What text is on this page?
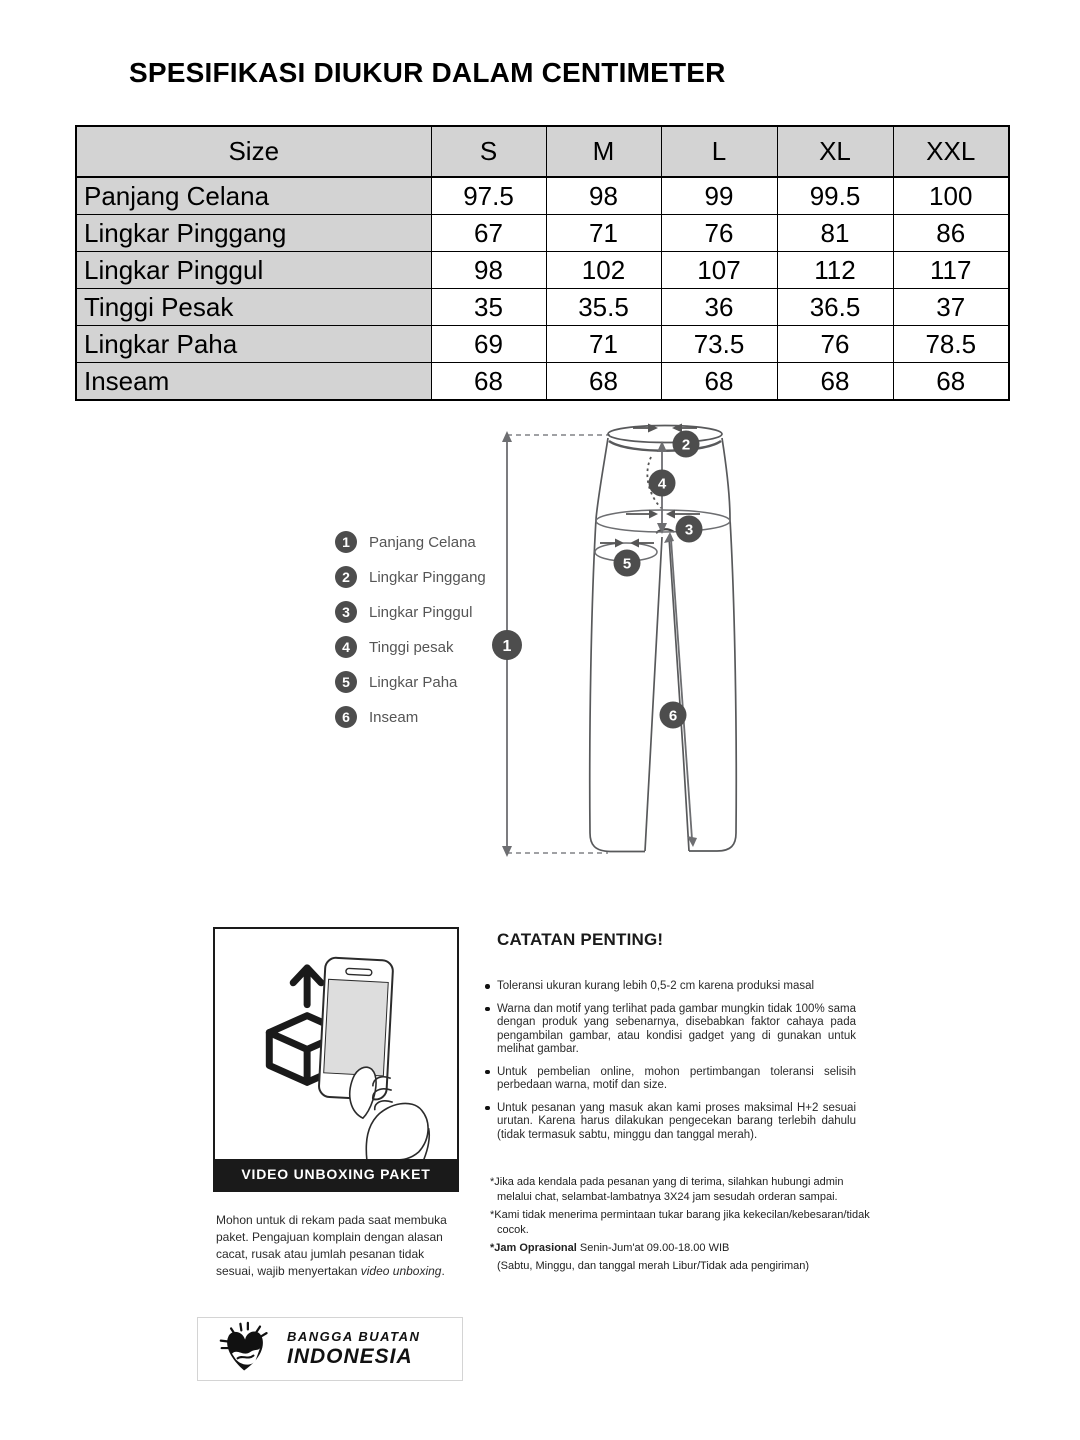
SPESIFIKASI DIUKUR DALAM CENTIMETER
Size	S	M	L	XL	XXL
Panjang Celana	97.5	98	99	99.5	100
Lingkar Pinggang	67	71	76	81	86
Lingkar Pinggul	98	102	107	112	117
Tinggi Pesak	35	35.5	36	36.5	37
Lingkar Paha	69	71	73.5	76	78.5
Inseam	68	68	68	68	68
1	Panjang Celana
2	Lingkar Pinggang
3	Lingkar Pinggul
4	Tinggi pesak
5	Lingkar Paha
6	Inseam
1
2
3
4
5
6
VIDEO UNBOXING PAKET
Mohon untuk di rekam pada saat membuka paket. Pengajuan komplain dengan alasan cacat, rusak atau jumlah pesanan tidak sesuai, wajib menyertakan video unboxing.
CATATAN PENTING!
Toleransi ukuran kurang lebih 0,5-2 cm karena produksi masal
Warna dan motif yang terlihat pada gambar mungkin tidak 100% sama dengan produk yang sebenarnya, disebabkan faktor cahaya pada pengambilan gambar, atau kondisi gadget yang di gunakan untuk melihat gambar.
Untuk pembelian online, mohon pertimbangan toleransi selisih perbedaan warna, motif dan size.
Untuk pesanan yang masuk akan kami proses maksimal H+2 sesuai urutan. Karena harus dilakukan pengecekan barang terlebih dahulu (tidak termasuk sabtu, minggu dan tanggal merah).
*Jika ada kendala pada pesanan yang di terima, silahkan hubungi admin melalui chat, selambat-lambatnya 3X24 jam sesudah orderan sampai.
*Kami tidak menerima permintaan tukar barang jika kekecilan/kebesaran/tidak cocok.
*Jam Oprasional Senin-Jum'at 09.00-18.00 WIB
(Sabtu, Minggu, dan tanggal merah Libur/Tidak ada pengiriman)
BANGGA BUATAN
INDONESIA
